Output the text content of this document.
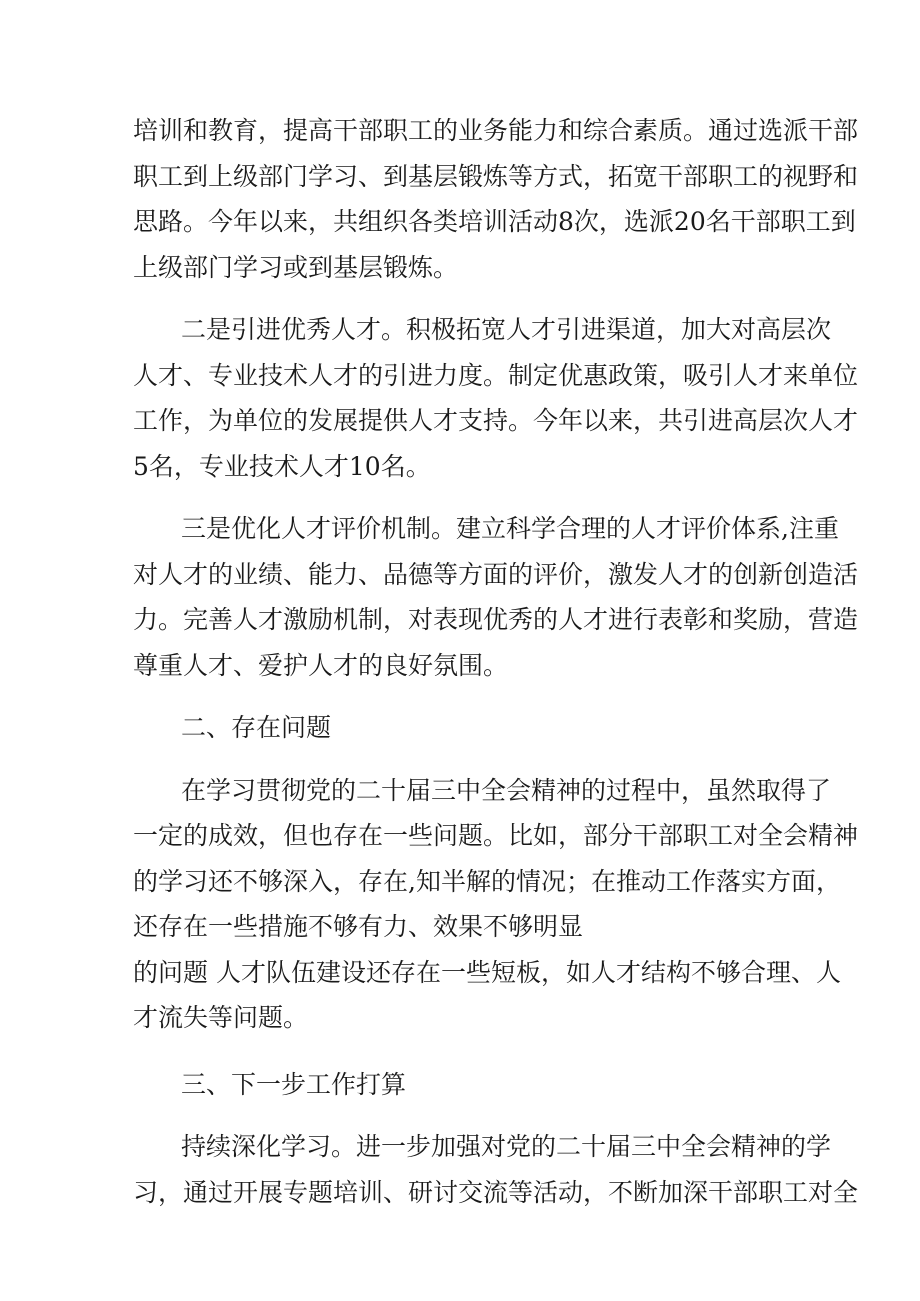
培训和教育，提高干部职工的业务能力和综合素质。通过选派干部
职工到上级部门学习、到基层锻炼等方式，拓宽干部职工的视野和
思路。今年以来，共组织各类培训活动8次，选派20名干部职工到
上级部门学习或到基层锻炼。
二是引进优秀人才。积极拓宽人才引进渠道，加大对高层次
人才、专业技术人才的引进力度。制定优惠政策，吸引人才来单位
工作，为单位的发展提供人才支持。今年以来，共引进高层次人才
5名，专业技术人才10名。
三是优化人才评价机制。建立科学合理的人才评价体系,注重
对人才的业绩、能力、品德等方面的评价，激发人才的创新创造活
力。完善人才激励机制，对表现优秀的人才进行表彰和奖励，营造
尊重人才、爱护人才的良好氛围。
二、存在问题
在学习贯彻党的二十届三中全会精神的过程中，虽然取得了
一定的成效，但也存在一些问题。比如，部分干部职工对全会精神
的学习还不够深入，存在,知半解的情况；在推动工作落实方面，
还存在一些措施不够有力、效果不够明显
的问题 人才队伍建设还存在一些短板，如人才结构不够合理、人
才流失等问题。
三、下一步工作打算
持续深化学习。进一步加强对党的二十届三中全会精神的学
习，通过开展专题培训、研讨交流等活动，不断加深干部职工对全
